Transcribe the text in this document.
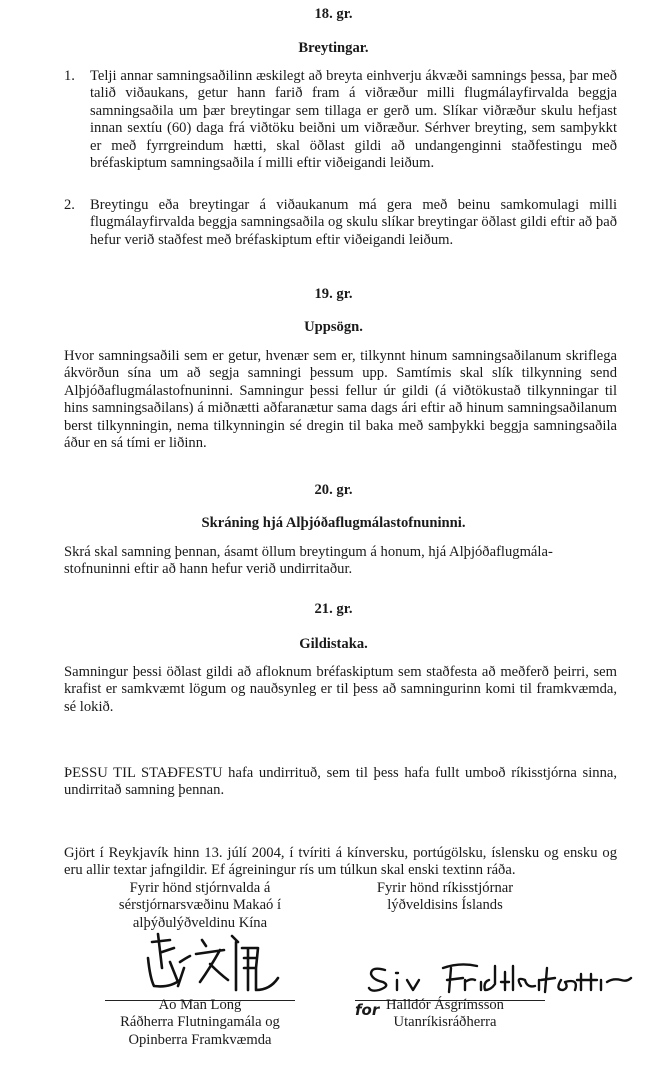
18. gr.
Breytingar.
1. Telji annar samningsaðilinn æskilegt að breyta einhverju ákvæði samnings þessa, þar með talið viðaukans, getur hann farið fram á viðræður milli flugmálayfirvalda beggja samningsaðila um þær breytingar sem tillaga er gerð um. Slíkar viðræður skulu hefjast innan sextíu (60) daga frá viðtöku beiðni um viðræður. Sérhver breyting, sem samþykkt er með fyrrgreindum hætti, skal öðlast gildi að undangenginni staðfestingu með bréfaskiptum samningsaðila í milli eftir viðeigandi leiðum.
2. Breytingu eða breytingar á viðaukanum má gera með beinu samkomulagi milli flugmálayfirvalda beggja samningsaðila og skulu slíkar breytingar öðlast gildi eftir að það hefur verið staðfest með bréfaskiptum eftir viðeigandi leiðum.
19. gr.
Uppsögn.
Hvor samningsaðili sem er getur, hvenær sem er, tilkynnt hinum samningsaðilanum skriflega ákvörðun sína um að segja samningi þessum upp. Samtímis skal slík tilkynning send Alþjóðaflugmálastofnuninni. Samningur þessi fellur úr gildi (á viðtökustað tilkynningar til hins samningsaðilans) á miðnætti aðfaranætur sama dags ári eftir að hinum samningsaðilanum berst tilkynningin, nema tilkynningin sé dregin til baka með samþykki beggja samningsaðila áður en sá tími er liðinn.
20. gr.
Skráning hjá Alþjóðaflugmálastofnuninni.
Skrá skal samning þennan, ásamt öllum breytingum á honum, hjá Alþjóðaflugmála-stofnuninni eftir að hann hefur verið undirritaður.
21. gr.
Gildistaka.
Samningur þessi öðlast gildi að afloknum bréfaskiptum sem staðfesta að meðferð þeirri, sem krafist er samkvæmt lögum og nauðsynleg er til þess að samningurinn komi til framkvæmda, sé lokið.
ÞESSU TIL STAÐFESTU hafa undirrituð, sem til þess hafa fullt umboð ríkisstjórna sinna, undirritað samning þennan.
Gjört í Reykjavík hinn 13. júlí 2004, í tvíriti á kínversku, portúgölsku, íslensku og ensku og eru allir textar jafngildir. Ef ágreiningur rís um túlkun skal enski textinn ráða.
Fyrir hönd stjórnvalda á
sérstjórnarsvæðinu Makaó í
alþýðulýðveldinu Kína
Ao Man Long
Ráðherra Flutningamála og
Opinberra Framkvæmda
Fyrir hönd ríkisstjórnar
lýðveldisins Íslands
for Halldór Ásgrímsson
Utanríkisráðherra
